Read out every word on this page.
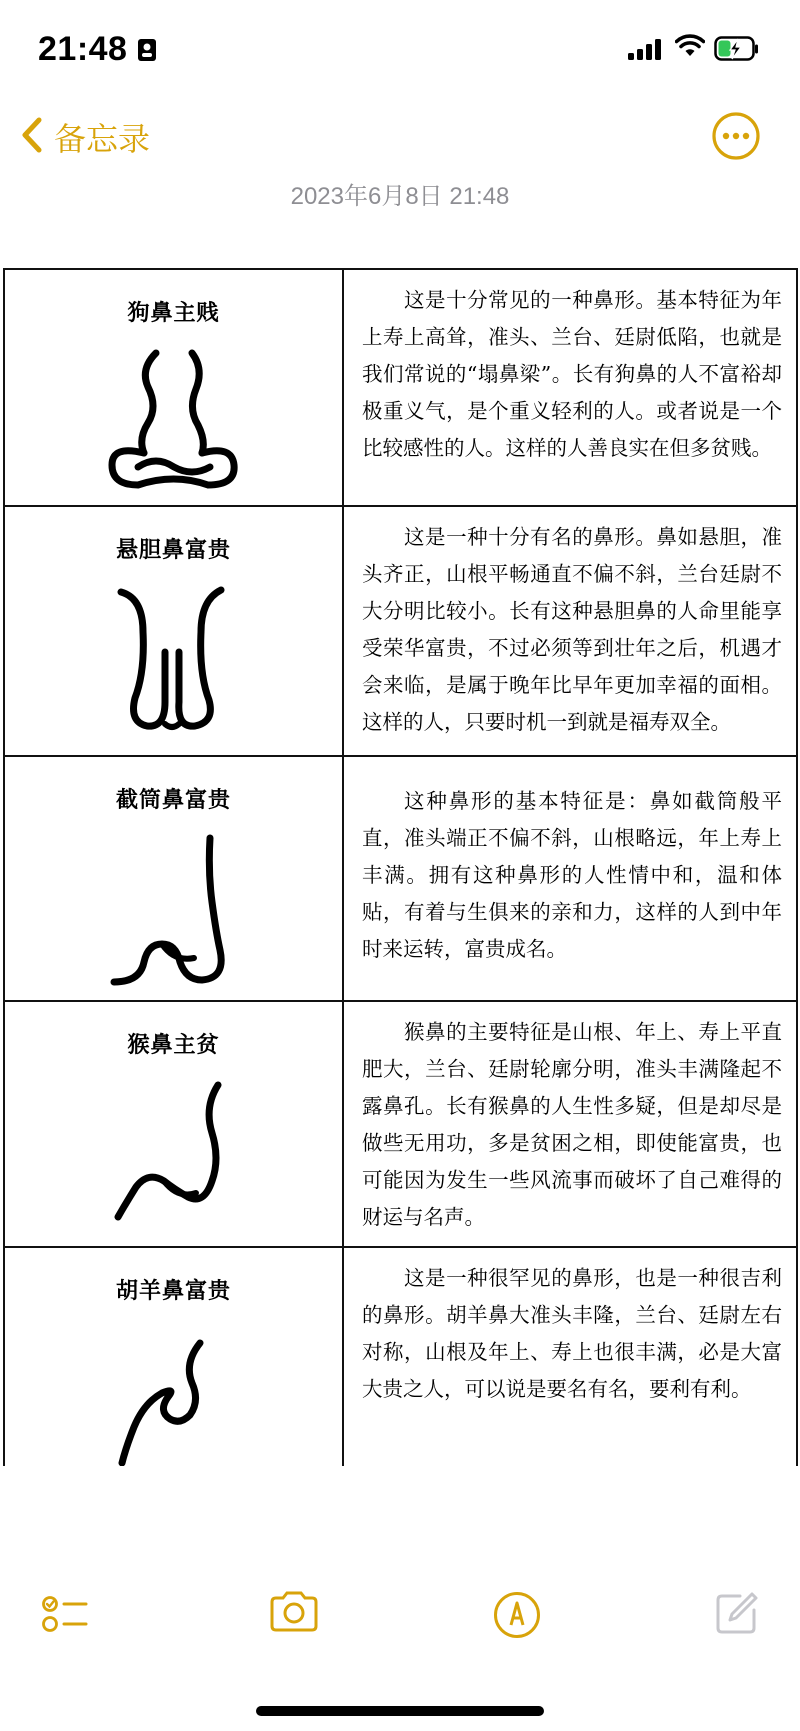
21:48
备忘录
2023年6月8日 21:48
狗鼻主贱	这是十分常见的一种鼻形。基本特征为年上寿上高耸，准头、兰台、廷尉低陷，也就是我们常说的“塌鼻梁”。长有狗鼻的人不富裕却极重义气，是个重义轻利的人。或者说是一个比较感性的人。这样的人善良实在但多贫贱。

悬胆鼻富贵	这是一种十分有名的鼻形。鼻如悬胆，准头齐正，山根平畅通直不偏不斜，兰台廷尉不大分明比较小。长有这种悬胆鼻的人命里能享受荣华富贵，不过必须等到壮年之后，机遇才会来临，是属于晚年比早年更加幸福的面相。这样的人，只要时机一到就是福寿双全。

截筒鼻富贵	这种鼻形的基本特征是：鼻如截筒般平直，准头端正不偏不斜，山根略远，年上寿上丰满。拥有这种鼻形的人性情中和，温和体贴，有着与生俱来的亲和力，这样的人到中年时来运转，富贵成名。

猴鼻主贫	猴鼻的主要特征是山根、年上、寿上平直肥大，兰台、廷尉轮廓分明，准头丰满隆起不露鼻孔。长有猴鼻的人生性多疑，但是却尽是做些无用功，多是贫困之相，即使能富贵，也可能因为发生一些风流事而破坏了自己难得的财运与名声。

胡羊鼻富贵	这是一种很罕见的鼻形，也是一种很吉利的鼻形。胡羊鼻大准头丰隆，兰台、廷尉左右对称，山根及年上、寿上也很丰满，必是大富大贵之人，可以说是要名有名，要利有利。
